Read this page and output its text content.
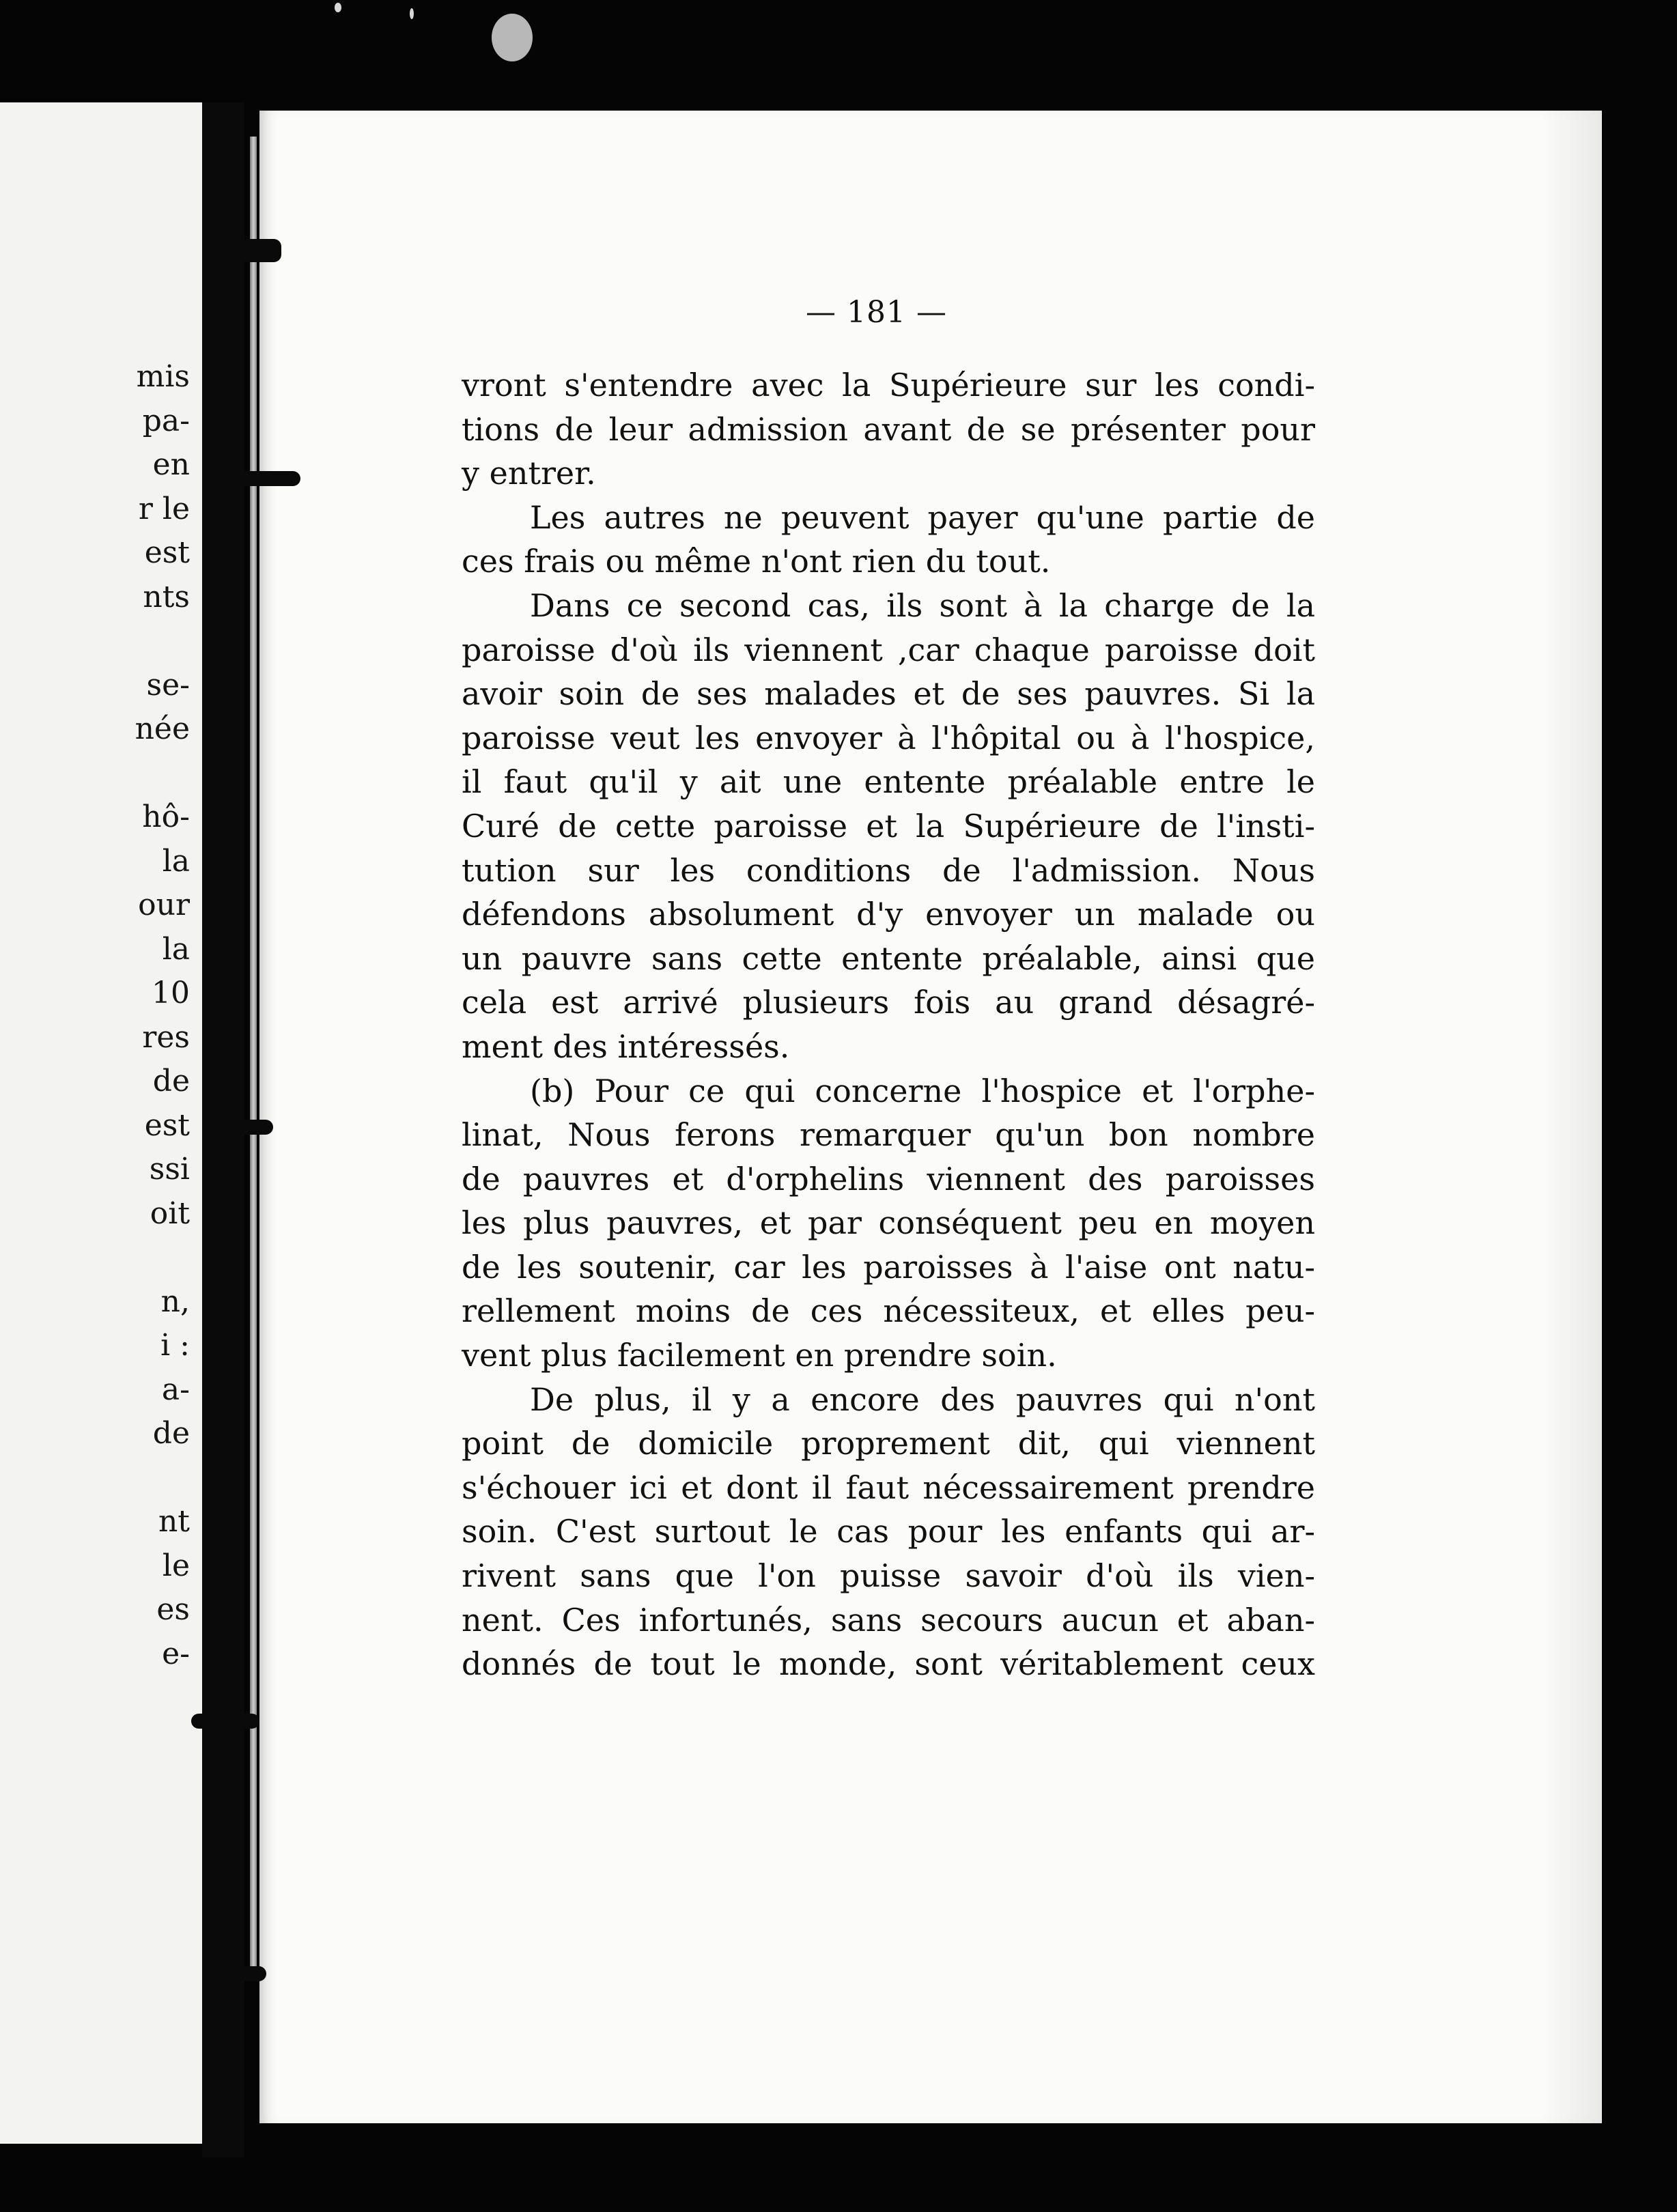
mis
pa-
en
r le
est
nts
se-
née
hô-
la
our
la
10
res
de
est
ssi
oit
n,
i :
a-
de
nt
le
es
e-
— 181 —
vront s'entendre avec la Supérieure sur les condi-
tions de leur admission avant de se présenter pour
y entrer.
Les autres ne peuvent payer qu'une partie de
ces frais ou même n'ont rien du tout.
Dans ce second cas, ils sont à la charge de la
paroisse d'où ils viennent ,car chaque paroisse doit
avoir soin de ses malades et de ses pauvres. Si la
paroisse veut les envoyer à l'hôpital ou à l'hospice,
il faut qu'il y ait une entente préalable entre le
Curé de cette paroisse et la Supérieure de l'insti-
tution sur les conditions de l'admission. Nous
défendons absolument d'y envoyer un malade ou
un pauvre sans cette entente préalable, ainsi que
cela est arrivé plusieurs fois au grand désagré-
ment des intéressés.
(b) Pour ce qui concerne l'hospice et l'orphe-
linat, Nous ferons remarquer qu'un bon nombre
de pauvres et d'orphelins viennent des paroisses
les plus pauvres, et par conséquent peu en moyen
de les soutenir, car les paroisses à l'aise ont natu-
rellement moins de ces nécessiteux, et elles peu-
vent plus facilement en prendre soin.
De plus, il y a encore des pauvres qui n'ont
point de domicile proprement dit, qui viennent
s'échouer ici et dont il faut nécessairement prendre
soin. C'est surtout le cas pour les enfants qui ar-
rivent sans que l'on puisse savoir d'où ils vien-
nent. Ces infortunés, sans secours aucun et aban-
donnés de tout le monde, sont véritablement ceux
